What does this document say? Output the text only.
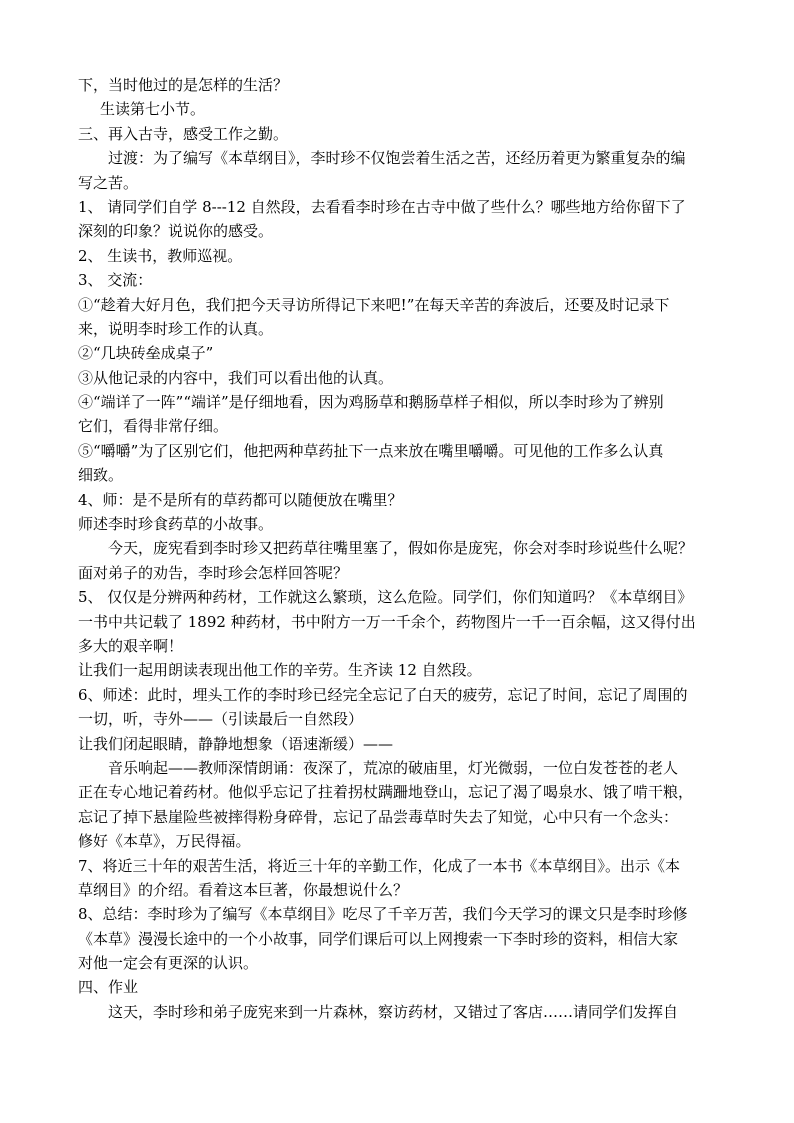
下，当时他过的是怎样的生活？
生读第七小节。
三、再入古寺，感受工作之勤。
过渡：为了编写《本草纲目》，李时珍不仅饱尝着生活之苦，还经历着更为繁重复杂的编
写之苦。
1、 请同学们自学 8---12 自然段，去看看李时珍在古寺中做了些什么？哪些地方给你留下了
深刻的印象？说说你的感受。
2、 生读书，教师巡视。
3、 交流：
①“趁着大好月色，我们把今天寻访所得记下来吧!”在每天辛苦的奔波后，还要及时记录下
来，说明李时珍工作的认真。
②“几块砖垒成桌子”
③从他记录的内容中，我们可以看出他的认真。
④“端详了一阵”“端详”是仔细地看，因为鸡肠草和鹅肠草样子相似，所以李时珍为了辨别
它们，看得非常仔细。
⑤“嚼嚼”为了区别它们，他把两种草药扯下一点来放在嘴里嚼嚼。可见他的工作多么认真
细致。
4、师：是不是所有的草药都可以随便放在嘴里？
师述李时珍食药草的小故事。
今天，庞宪看到李时珍又把药草往嘴里塞了，假如你是庞宪，你会对李时珍说些什么呢？
面对弟子的劝告，李时珍会怎样回答呢？
5、 仅仅是分辨两种药材，工作就这么繁琐，这么危险。同学们，你们知道吗？《本草纲目》
一书中共记载了 1892 种药材，书中附方一万一千余个，药物图片一千一百余幅，这又得付出
多大的艰辛啊！
让我们一起用朗读表现出他工作的辛劳。生齐读 12 自然段。
6、师述：此时，埋头工作的李时珍已经完全忘记了白天的疲劳，忘记了时间，忘记了周围的
一切，听，寺外——（引读最后一自然段）
让我们闭起眼睛，静静地想象（语速渐缓）——
音乐响起——教师深情朗诵：夜深了，荒凉的破庙里，灯光微弱，一位白发苍苍的老人
正在专心地记着药材。他似乎忘记了拄着拐杖蹒跚地登山，忘记了渴了喝泉水、饿了啃干粮，
忘记了掉下悬崖险些被摔得粉身碎骨，忘记了品尝毒草时失去了知觉，心中只有一个念头：
修好《本草》，万民得福。
7、将近三十年的艰苦生活，将近三十年的辛勤工作，化成了一本书《本草纲目》。出示《本
草纲目》的介绍。看着这本巨著，你最想说什么？
8、总结：李时珍为了编写《本草纲目》吃尽了千辛万苦，我们今天学习的课文只是李时珍修
《本草》漫漫长途中的一个小故事，同学们课后可以上网搜索一下李时珍的资料，相信大家
对他一定会有更深的认识。
四、作业
这天，李时珍和弟子庞宪来到一片森林，察访药材，又错过了客店……请同学们发挥自
